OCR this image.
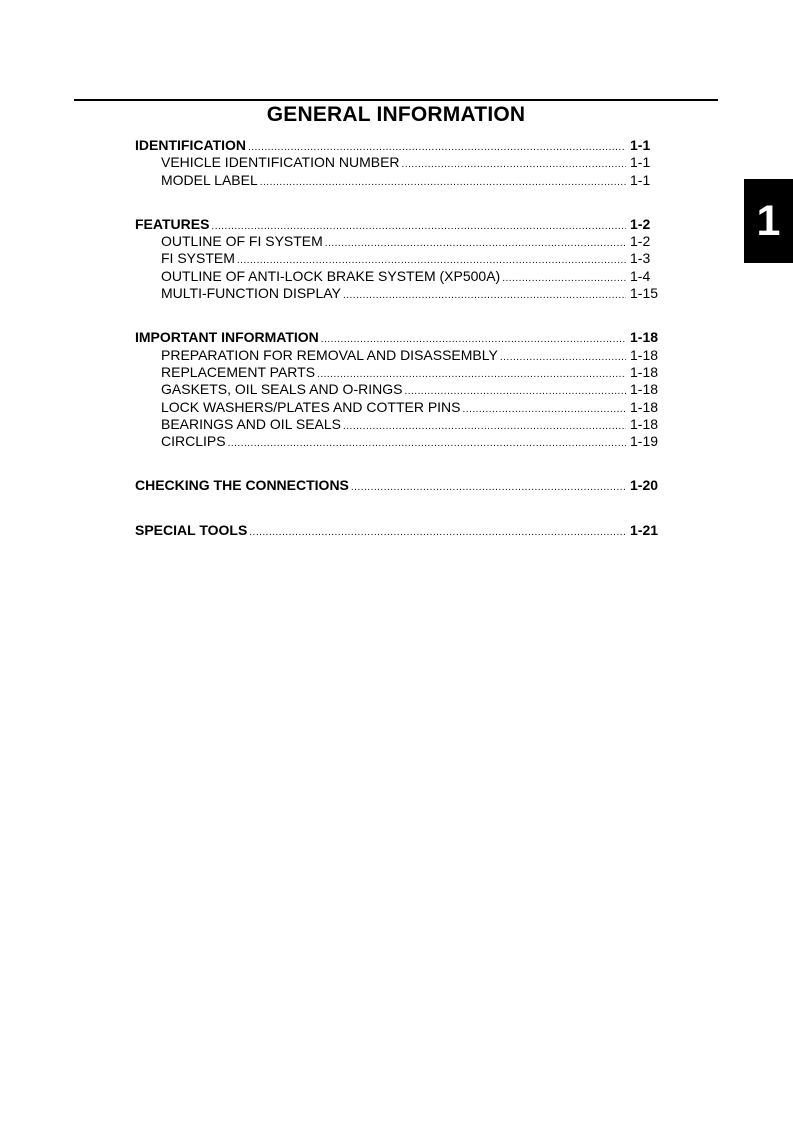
GENERAL INFORMATION
1
IDENTIFICATION .....	1-1
VEHICLE IDENTIFICATION NUMBER .....	1-1
MODEL LABEL .....	1-1
FEATURES .....	1-2
OUTLINE OF FI SYSTEM .....	1-2
FI SYSTEM .....	1-3
OUTLINE OF ANTI-LOCK BRAKE SYSTEM (XP500A) .....	1-4
MULTI-FUNCTION DISPLAY .....	1-15
IMPORTANT INFORMATION .....	1-18
PREPARATION FOR REMOVAL AND DISASSEMBLY .....	1-18
REPLACEMENT PARTS .....	1-18
GASKETS, OIL SEALS AND O-RINGS .....	1-18
LOCK WASHERS/PLATES AND COTTER PINS .....	1-18
BEARINGS AND OIL SEALS .....	1-18
CIRCLIPS .....	1-19
CHECKING THE CONNECTIONS .....	1-20
SPECIAL TOOLS .....	1-21
